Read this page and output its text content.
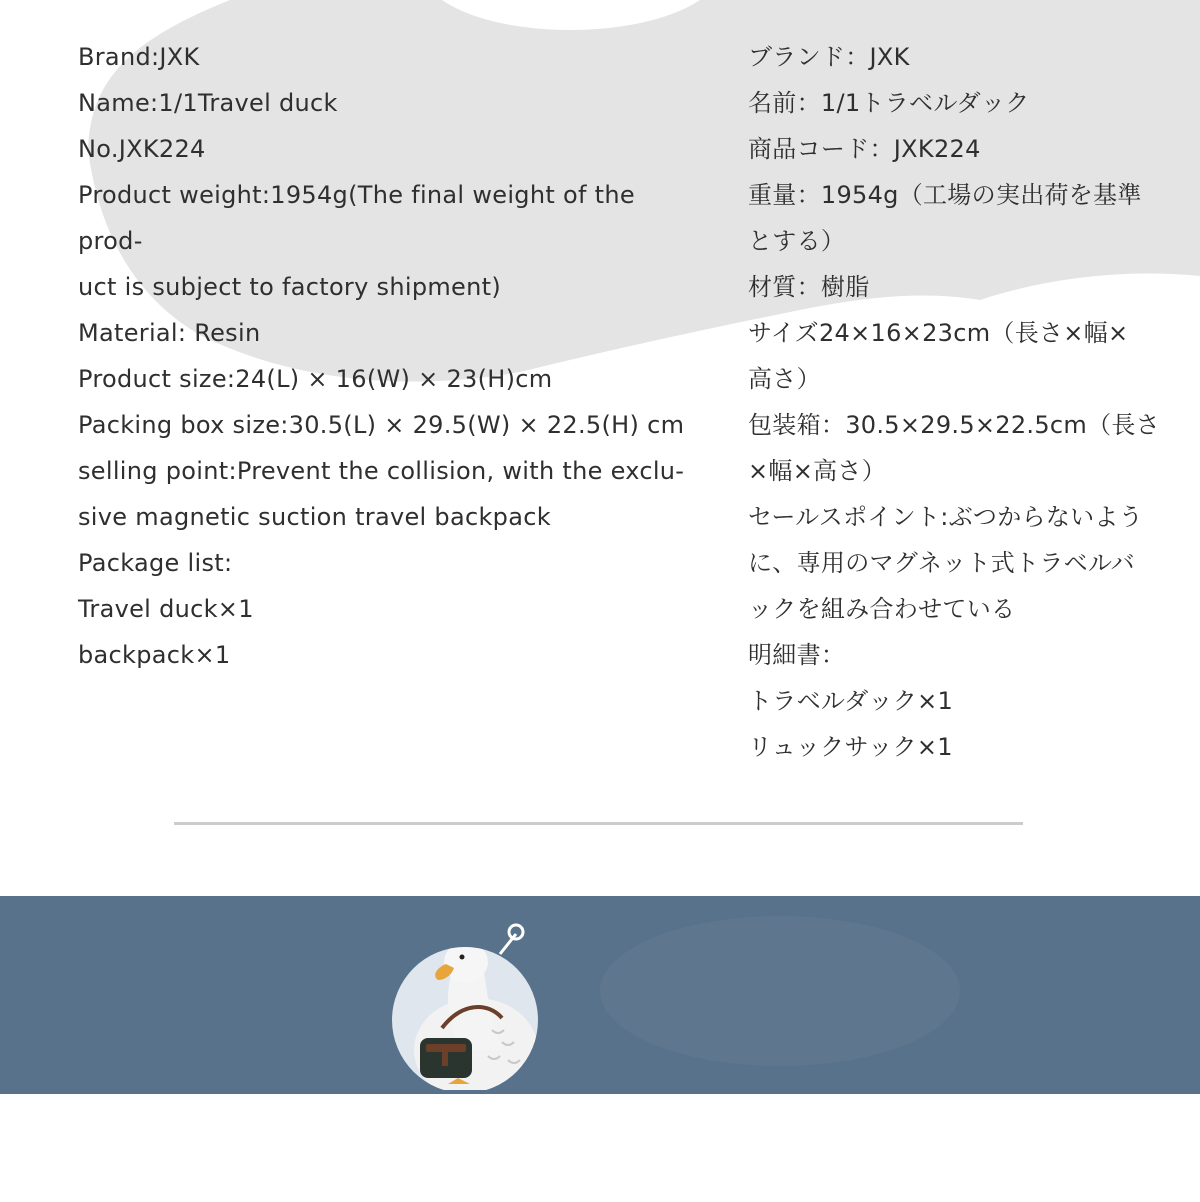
Brand:JXK
Name:1/1Travel duck
No.JXK224
Product weight:1954g(The final weight of the prod-
uct is subject to factory shipment)
Material: Resin
Product size:24(L) × 16(W) × 23(H)cm
Packing box size:30.5(L) × 29.5(W) × 22.5(H) cm
selling point:Prevent the collision, with the exclu-
sive magnetic suction travel backpack
Package list:
Travel duck×1
backpack×1
ブランド：JXK
名前：1/1トラベルダック
商品コード：JXK224
重量：1954g（工場の実出荷を基準
とする）
材質：樹脂
サイズ24×16×23cm（長さ×幅×
高さ）
包装箱：30.5×29.5×22.5cm（長さ
×幅×高さ）
セールスポイント:ぶつからないよう
に、専用のマグネット式トラベルバ
ックを組み合わせている
明細書：
トラベルダック×1
リュックサック×1
